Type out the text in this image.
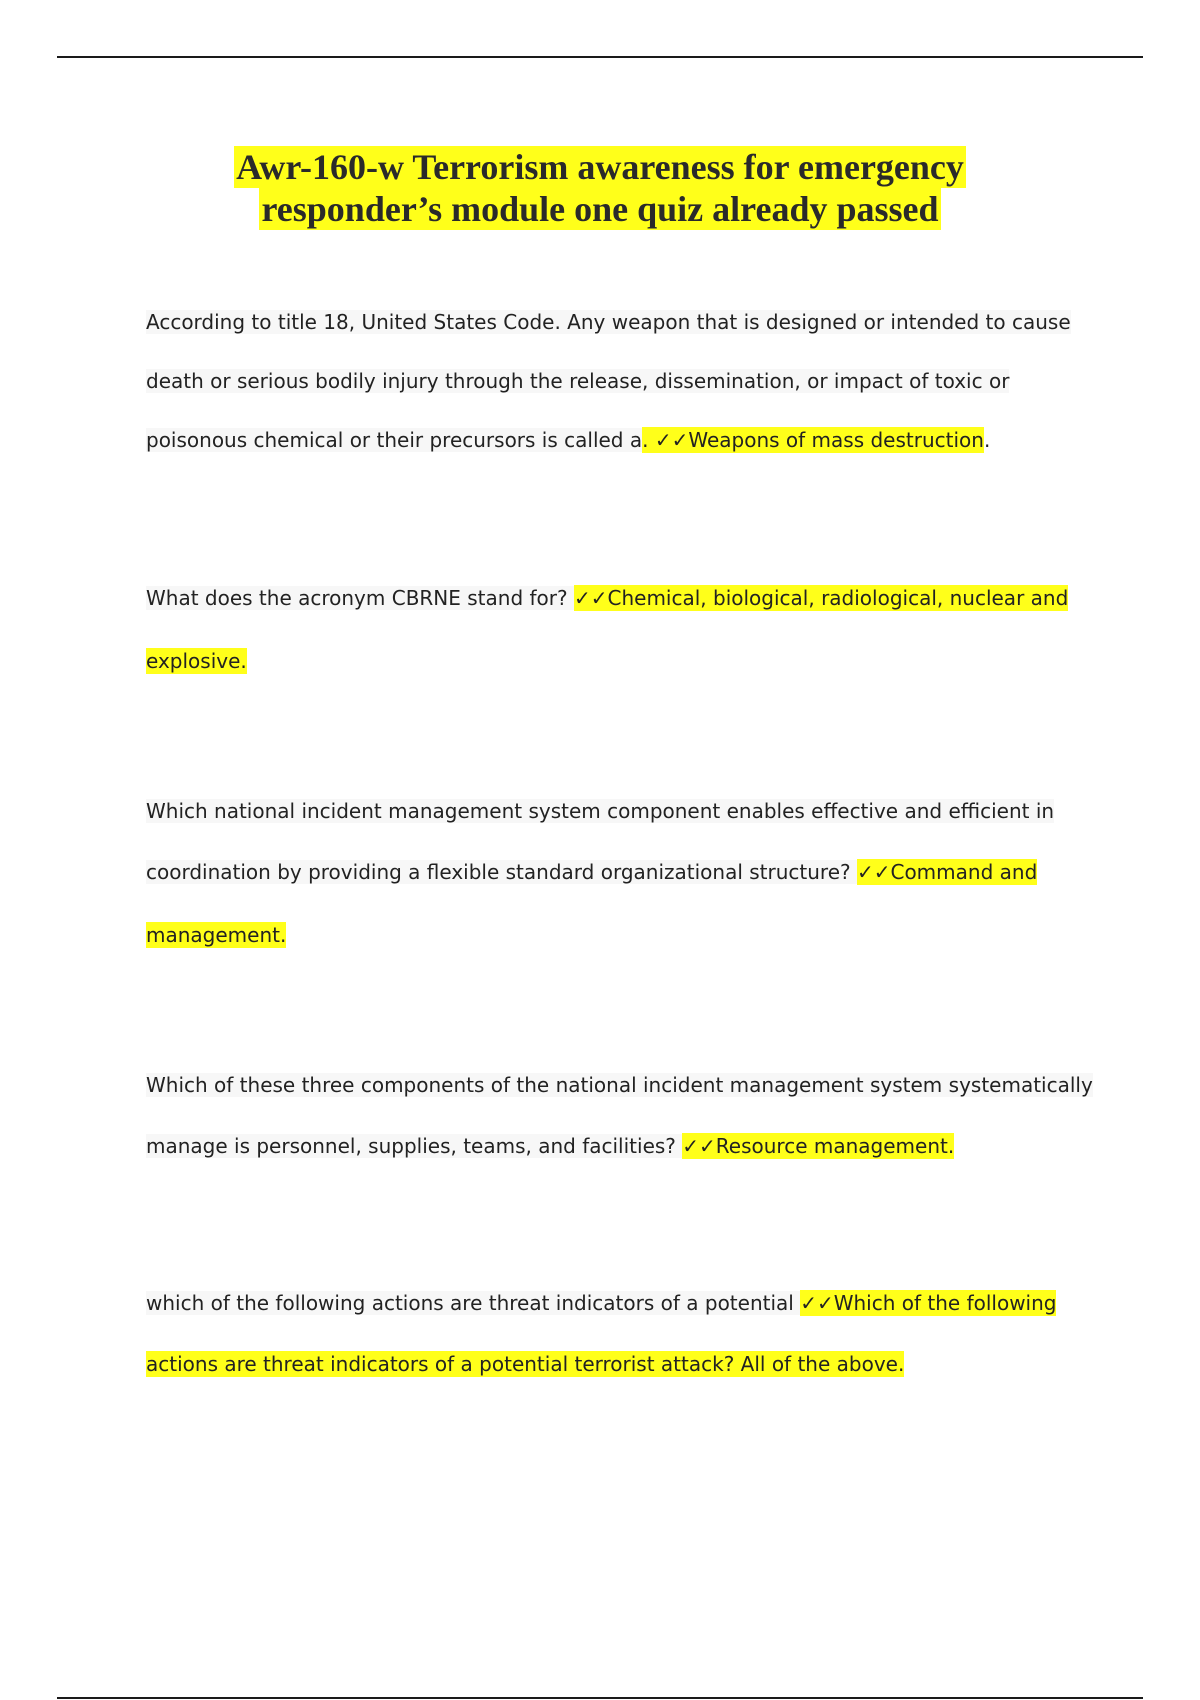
Awr-160-w Terrorism awareness for emergency
responder’s module one quiz already passed
According to title 18, United States Code. Any weapon that is designed or intended to cause
death or serious bodily injury through the release, dissemination, or impact of toxic or
poisonous chemical or their precursors is called a. ✓✓Weapons of mass destruction.
What does the acronym CBRNE stand for? ✓✓Chemical, biological, radiological, nuclear and
explosive.
Which national incident management system component enables effective and efficient in
coordination by providing a flexible standard organizational structure? ✓✓Command and
management.
Which of these three components of the national incident management system systematically
manage is personnel, supplies, teams, and facilities? ✓✓Resource management.
which of the following actions are threat indicators of a potential ✓✓Which of the following
actions are threat indicators of a potential terrorist attack? All of the above.
